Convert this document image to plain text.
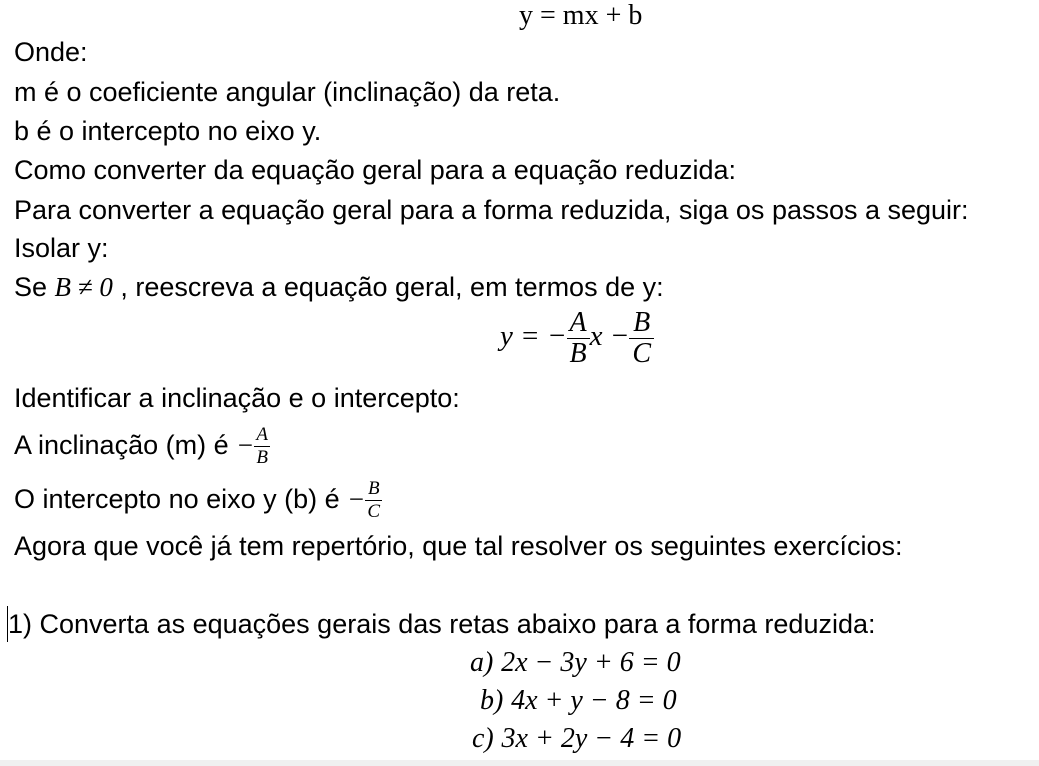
y = mx + b
Onde:
m é o coeficiente angular (inclinação) da reta.
b é o intercepto no eixo y.
Como converter da equação geral para a equação reduzida:
Para converter a equação geral para a forma reduzida, siga os passos a seguir:
Isolar y:
Se B ≠ 0 , reescreva a equação geral, em termos de y:
y = − $\frac{A}{B}$ $x - \frac{B}{C}$
Identificar a inclinação e o intercepto:
A inclinação (m) é − $\frac{A}{B}$
O intercepto no eixo y (b) é − $\frac{B}{C}$
Agora que você já tem repertório, que tal resolver os seguintes exercícios:
1) Converta as equações gerais das retas abaixo para a forma reduzida:
a) 2x − 3y + 6 = 0
b) 4x + y − 8 = 0
c) 3x + 2y − 4 = 0
